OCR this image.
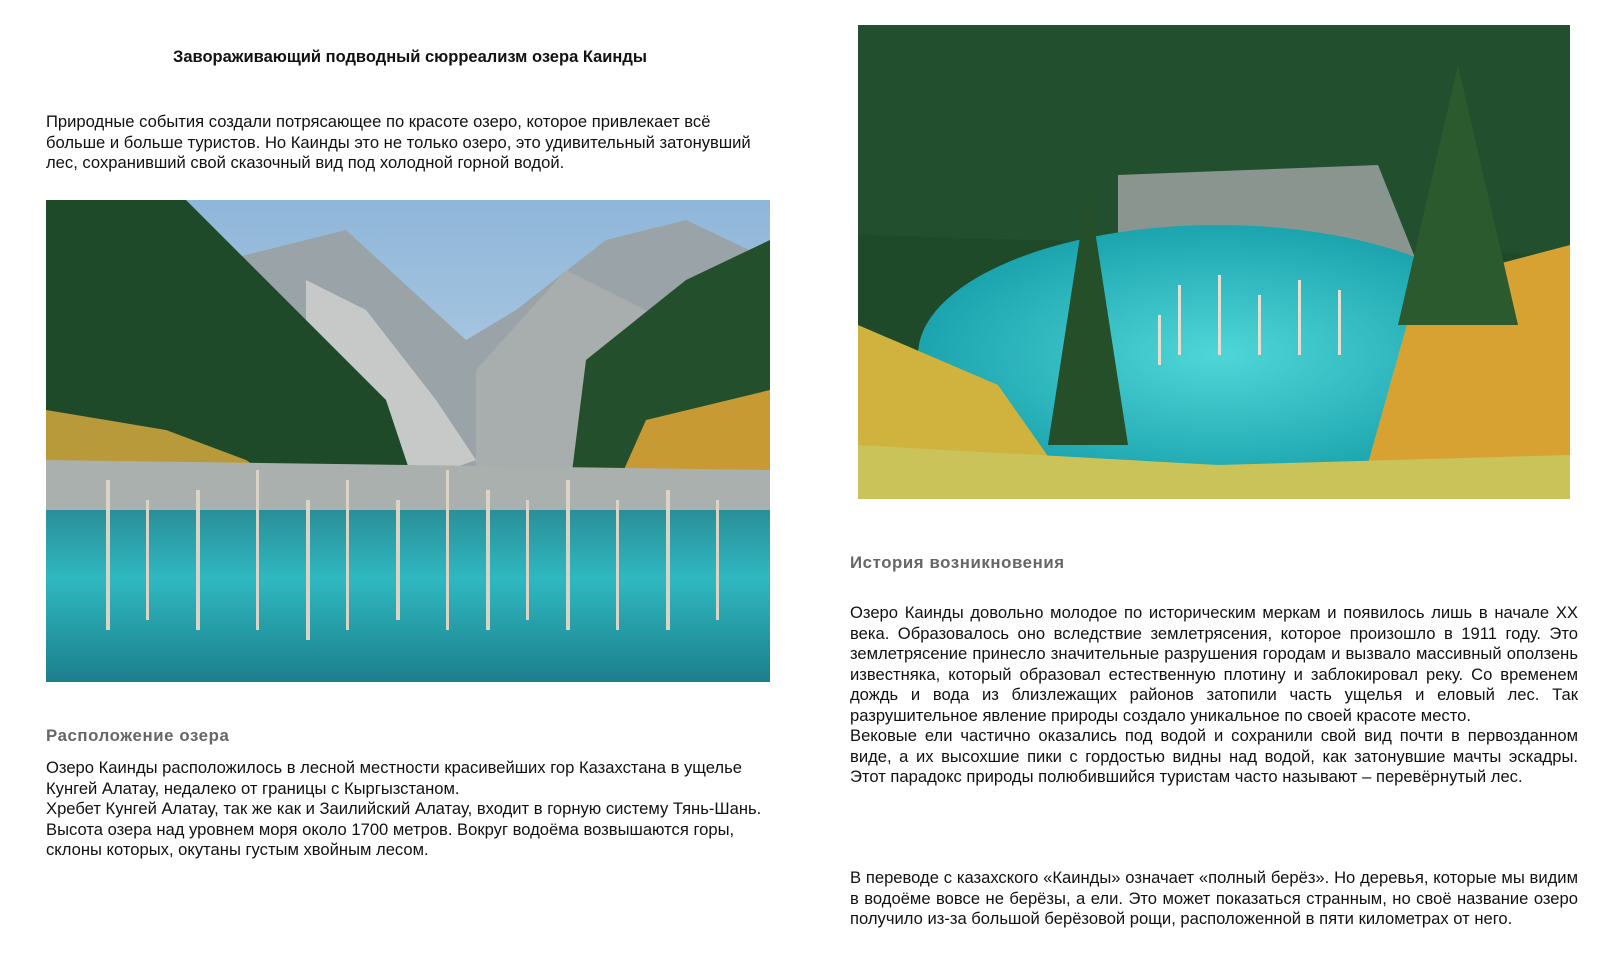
Завораживающий подводный сюрреализм озера Каинды

Природные события создали потрясающее по красоте озеро, которое привлекает всё больше и больше туристов. Но Каинды это не только озеро, это удивительный затонувший лес, сохранивший свой сказочный вид под холодной горной водой.

Расположение озера

Озеро Каинды расположилось в лесной местности красивейших гор Казахстана в ущелье Кунгей Алатау, недалеко от границы с Кыргызстаном.
Хребет Кунгей Алатау, так же как и Заилийский Алатау, входит в горную систему Тянь-Шань.
Высота озера над уровнем моря около 1700 метров. Вокруг водоёма возвышаются горы, склоны которых, окутаны густым хвойным лесом.

История возникновения

Озеро Каинды довольно молодое по историческим меркам и появилось лишь в начале XX века. Образовалось оно вследствие землетрясения, которое произошло в 1911 году. Это землетрясение принесло значительные разрушения городам и вызвало массивный оползень известняка, который образовал естественную плотину и заблокировал реку. Со временем дождь и вода из близлежащих районов затопили часть ущелья и еловый лес. Так разрушительное явление природы создало уникальное по своей красоте место.
Вековые ели частично оказались под водой и сохранили свой вид почти в первозданном виде, а их высохшие пики с гордостью видны над водой, как затонувшие мачты эскадры. Этот парадокс природы полюбившийся туристам часто называют – перевёрнутый лес.

В переводе с казахского «Каинды» означает «полный берёз». Но деревья, которые мы видим в водоёме вовсе не берёзы, а ели. Это может показаться странным, но своё название озеро получило из-за большой берёзовой рощи, расположенной в пяти километрах от него.
